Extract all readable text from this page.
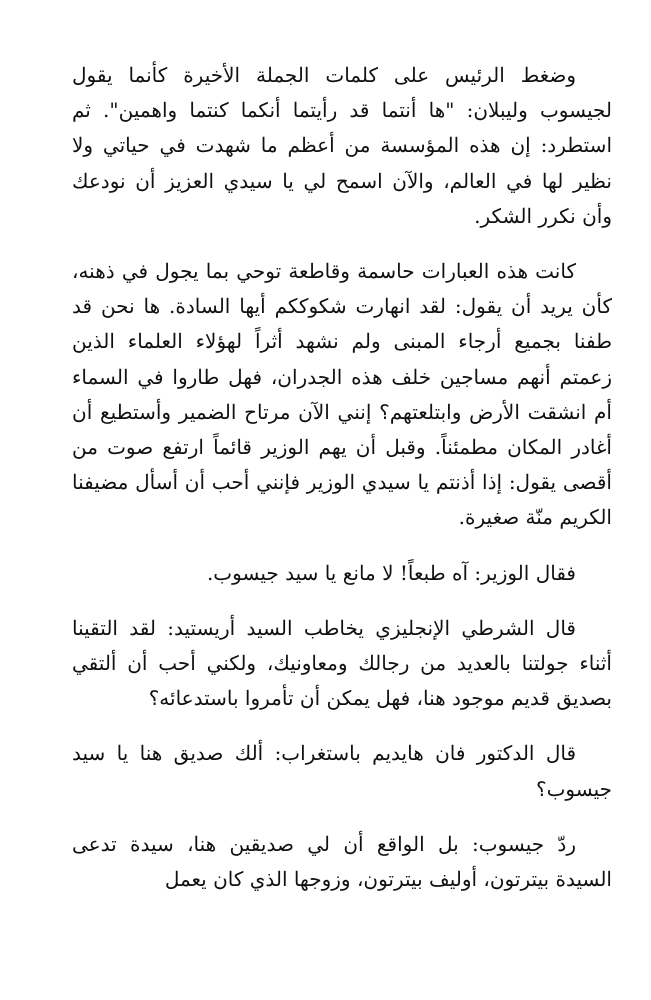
وضغط الرئيس على كلمات الجملة الأخيرة كأنما يقول لجيسوب وليبلان: "ها أنتما قد رأيتما أنكما كنتما واهمين". ثم استطرد: إن هذه المؤسسة من أعظم ما شهدت في حياتي ولا نظير لها في العالم، والآن اسمح لي يا سيدي العزيز أن نودعك وأن نكرر الشكر.

كانت هذه العبارات حاسمة وقاطعة توحي بما يجول في ذهنه، كأن يريد أن يقول: لقد انهارت شكوككم أيها السادة. ها نحن قد طفنا بجميع أرجاء المبنى ولم نشهد أثراً لهؤلاء العلماء الذين زعمتم أنهم مساجين خلف هذه الجدران، فهل طاروا في السماء أم انشقت الأرض وابتلعتهم؟ إنني الآن مرتاح الضمير وأستطيع أن أغادر المكان مطمئناً. وقبل أن يهم الوزير قائماً ارتفع صوت من أقصى يقول: إذا أذنتم يا سيدي الوزير فإنني أحب أن أسأل مضيفنا الكريم منّة صغيرة.

فقال الوزير: آه طبعاً! لا مانع يا سيد جيسوب.

قال الشرطي الإنجليزي يخاطب السيد أريستيد: لقد التقينا أثناء جولتنا بالعديد من رجالك ومعاونيك، ولكني أحب أن ألتقي بصديق قديم موجود هنا، فهل يمكن أن تأمروا باستدعائه؟

قال الدكتور فان هايديم باستغراب: ألك صديق هنا يا سيد جيسوب؟

ردّ جيسوب: بل الواقع أن لي صديقين هنا، سيدة تدعى السيدة بيترتون، أوليف بيترتون، وزوجها الذي كان يعمل
